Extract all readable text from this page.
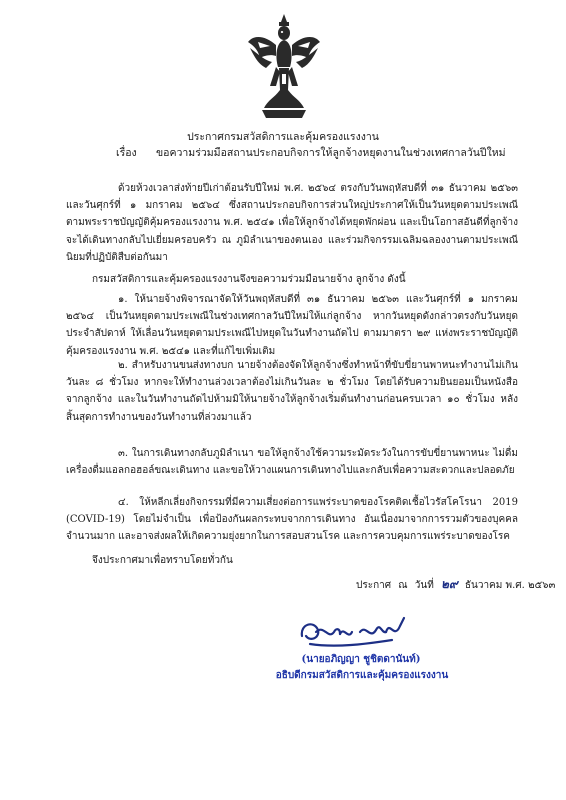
ประกาศกรมสวัสดิการและคุ้มครองแรงงาน
เรื่อง ขอความร่วมมือสถานประกอบกิจการให้ลูกจ้างหยุดงานในช่วงเทศกาลวันปีใหม่

ด้วยห้วงเวลาส่งท้ายปีเก่าต้อนรับปีใหม่ พ.ศ. ๒๕๖๔ ตรงกับวันพฤหัสบดีที่ ๓๑ ธันวาคม ๒๕๖๓ และวันศุกร์ที่ ๑ มกราคม ๒๕๖๔ ซึ่งสถานประกอบกิจการส่วนใหญ่ประกาศให้เป็นวันหยุดตามประเพณีตามพระราชบัญญัติคุ้มครองแรงงาน พ.ศ. ๒๕๔๑ เพื่อให้ลูกจ้างได้หยุดพักผ่อน และเป็นโอกาสอันดีที่ลูกจ้างจะได้เดินทางกลับไปเยี่ยมครอบครัว ณ ภูมิลำเนาของตนเอง และร่วมกิจกรรมเฉลิมฉลองงานตามประเพณีนิยมที่ปฏิบัติสืบต่อกันมา

กรมสวัสดิการและคุ้มครองแรงงานจึงขอความร่วมมือนายจ้าง ลูกจ้าง ดังนี้

๑. ให้นายจ้างพิจารณาจัดให้วันพฤหัสบดีที่ ๓๑ ธันวาคม ๒๕๖๓ และวันศุกร์ที่ ๑ มกราคม ๒๕๖๔ เป็นวันหยุดตามประเพณีในช่วงเทศกาลวันปีใหม่ให้แก่ลูกจ้าง หากวันหยุดดังกล่าวตรงกับวันหยุดประจำสัปดาห์ ให้เลื่อนวันหยุดตามประเพณีไปหยุดในวันทำงานถัดไป ตามมาตรา ๒๙ แห่งพระราชบัญญัติคุ้มครองแรงงาน พ.ศ. ๒๕๔๑ และที่แก้ไขเพิ่มเติม

๒. สำหรับงานขนส่งทางบก นายจ้างต้องจัดให้ลูกจ้างซึ่งทำหน้าที่ขับขี่ยานพาหนะทำงานไม่เกินวันละ ๘ ชั่วโมง หากจะให้ทำงานล่วงเวลาต้องไม่เกินวันละ ๒ ชั่วโมง โดยได้รับความยินยอมเป็นหนังสือจากลูกจ้าง และในวันทำงานถัดไปห้ามมิให้นายจ้างให้ลูกจ้างเริ่มต้นทำงานก่อนครบเวลา ๑๐ ชั่วโมง หลังสิ้นสุดการทำงานของวันทำงานที่ล่วงมาแล้ว

๓. ในการเดินทางกลับภูมิลำเนา ขอให้ลูกจ้างใช้ความระมัดระวังในการขับขี่ยานพาหนะ ไม่ดื่มเครื่องดื่มแอลกอฮอล์ขณะเดินทาง และขอให้วางแผนการเดินทางไปและกลับเพื่อความสะดวกและปลอดภัย

๔. ให้หลีกเลี่ยงกิจกรรมที่มีความเสี่ยงต่อการแพร่ระบาดของโรคติดเชื้อไวรัสโคโรนา 2019 (COVID-19) โดยไม่จำเป็น เพื่อป้องกันผลกระทบจากการเดินทาง อันเนื่องมาจากการรวมตัวของบุคคลจำนวนมาก และอาจส่งผลให้เกิดความยุ่งยากในการสอบสวนโรค และการควบคุมการแพร่ระบาดของโรค

จึงประกาศมาเพื่อทราบโดยทั่วกัน

ประกาศ ณ วันที่ ๒๙ ธันวาคม พ.ศ. ๒๕๖๓
(นายอภิญญา ชูชิตดานันท์)
อธิบดีกรมสวัสดิการและคุ้มครองแรงงาน
